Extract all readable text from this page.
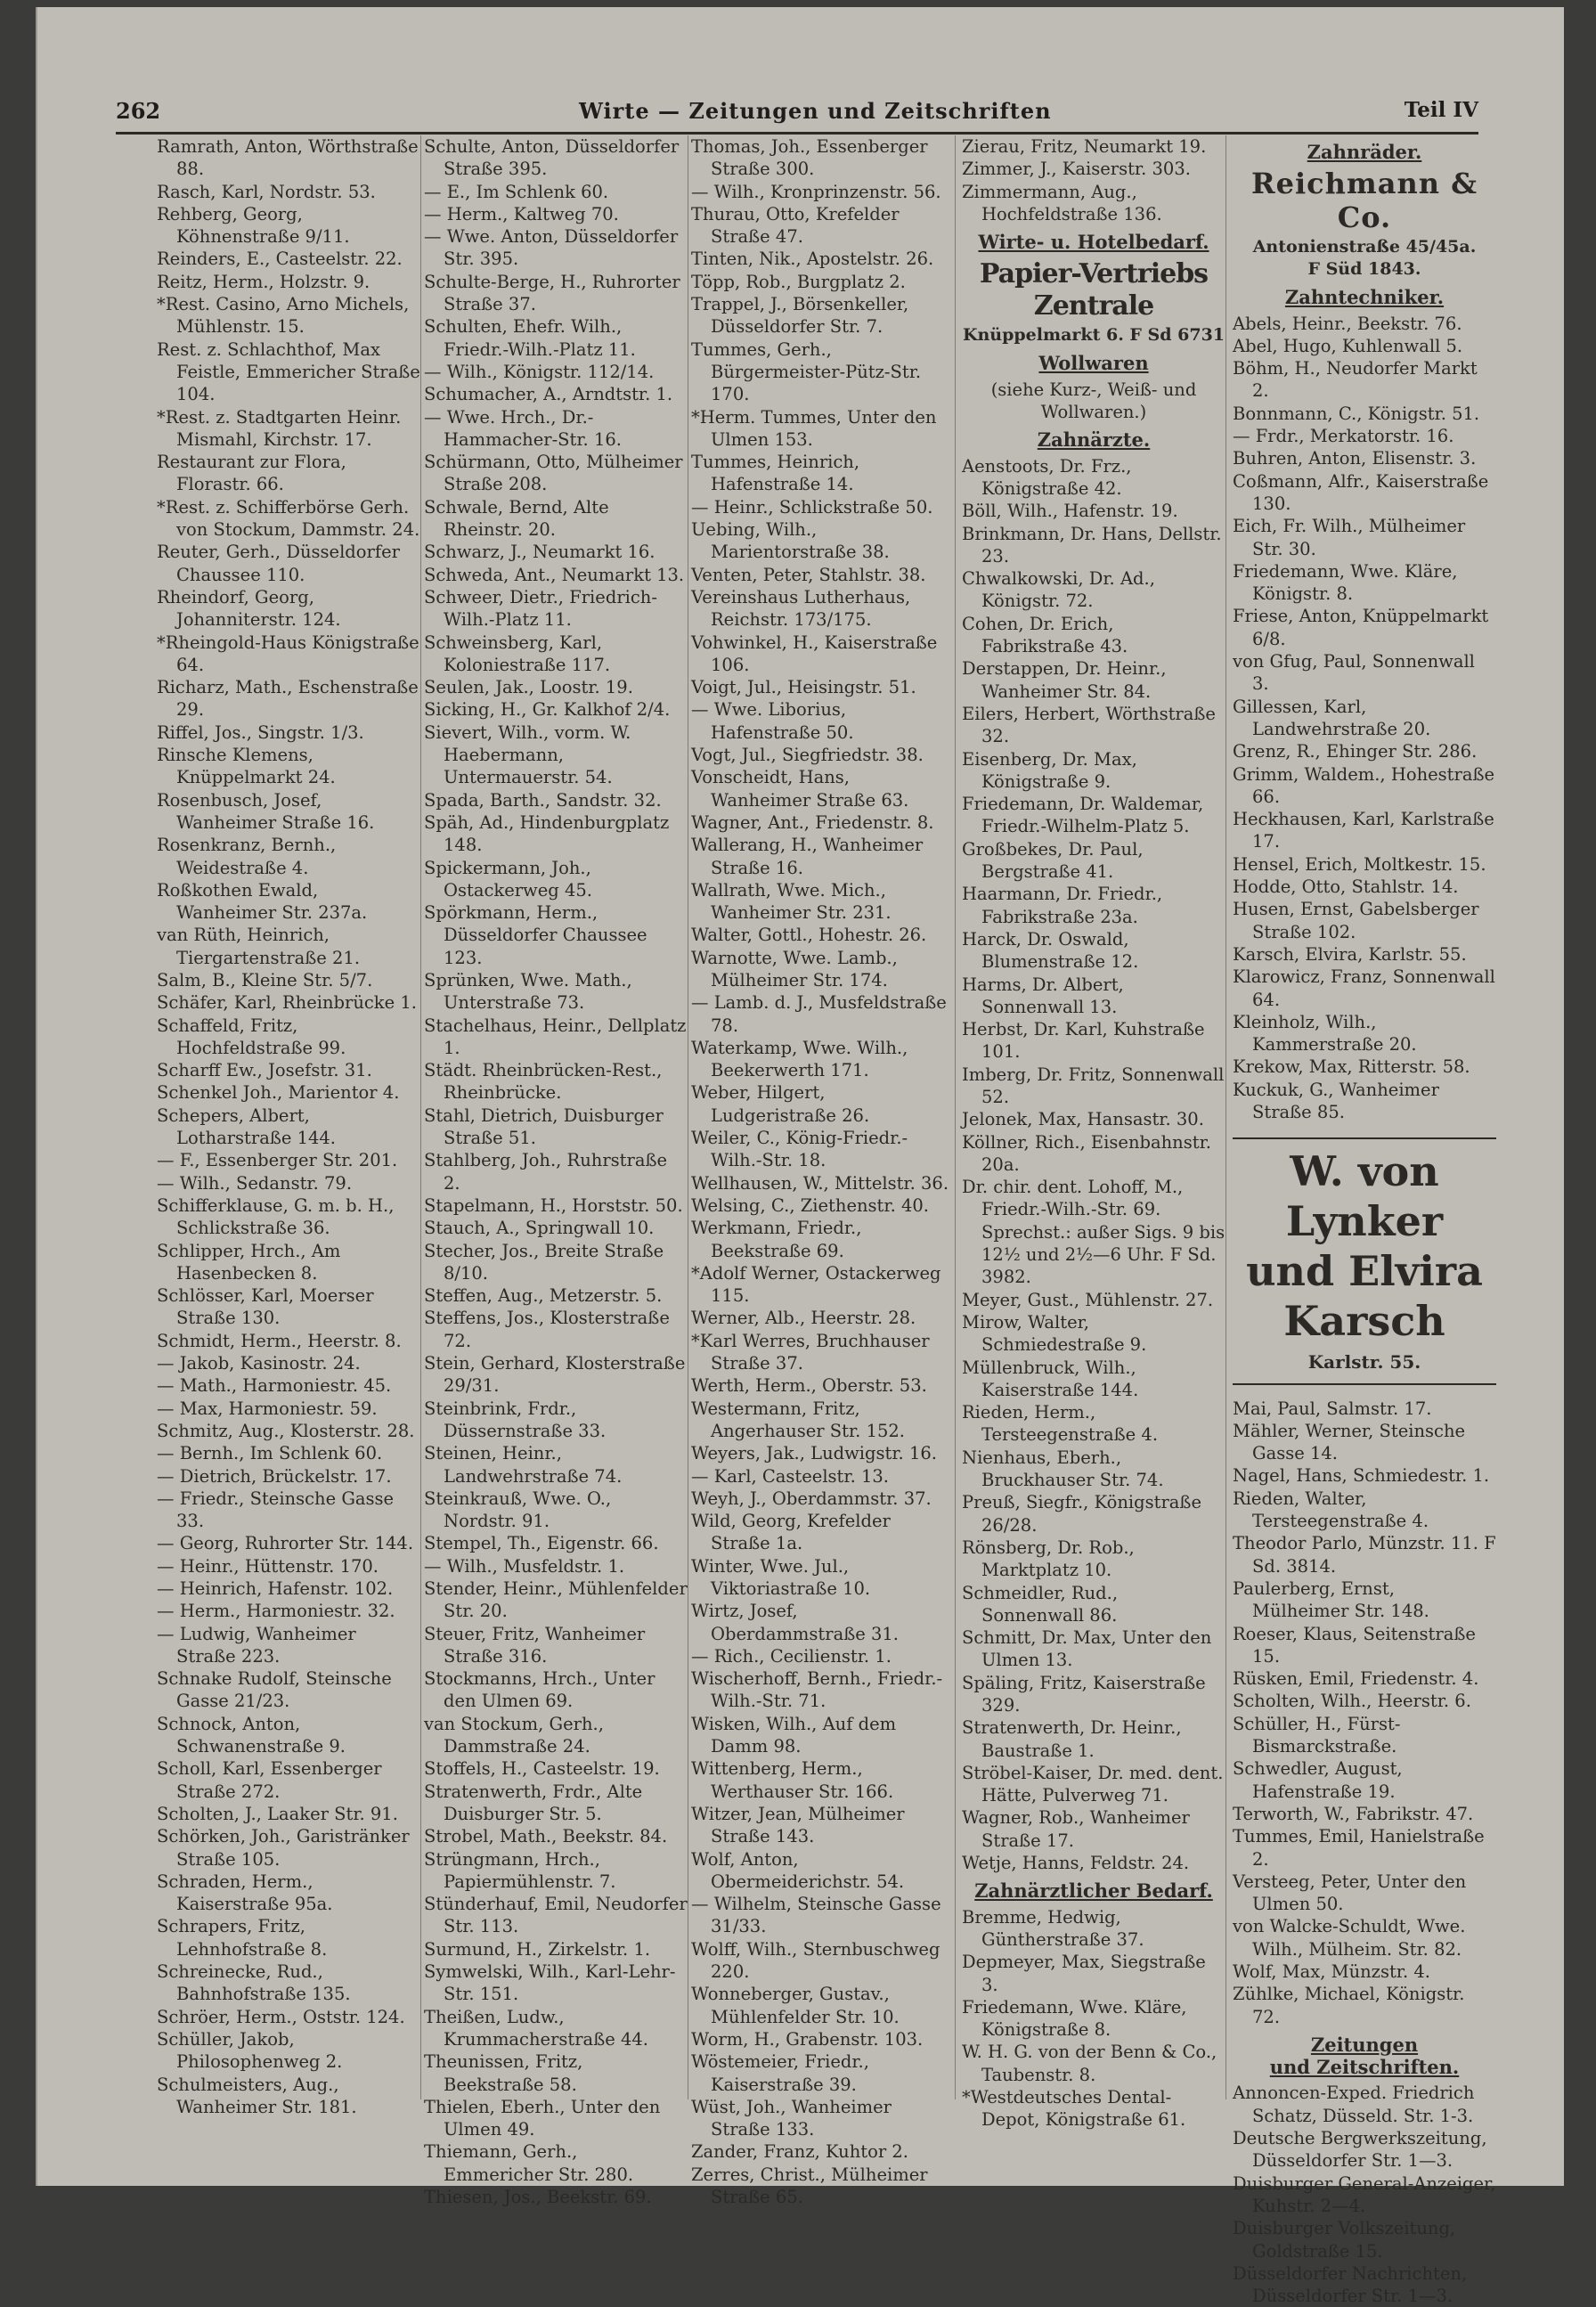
262	Wirte — Zeitungen und Zeitschriften	Teil IV
Ramrath, Anton, Wörthstraße 88.
Rasch, Karl, Nordstr. 53.
Rehberg, Georg, Köhnenstraße 9/11.
Reinders, E., Casteelstr. 22.
Reitz, Herm., Holzstr. 9.
*Rest. Casino, Arno Michels, Mühlenstr. 15.
Rest. z. Schlachthof, Max Feistle, Emmericher Straße 104.
*Rest. z. Stadtgarten Heinr. Mismahl, Kirchstr. 17.
Restaurant zur Flora, Florastr. 66.
*Rest. z. Schifferbörse Gerh. von Stockum, Dammstr. 24.
Reuter, Gerh., Düsseldorfer Chaussee 110.
Rheindorf, Georg, Johanniterstr. 124.
*Rheingold-Haus Königstraße 64.
Richarz, Math., Eschenstraße 29.
Riffel, Jos., Singstr. 1/3.
Rinsche Klemens, Knüppelmarkt 24.
Rosenbusch, Josef, Wanheimer Straße 16.
Rosenkranz, Bernh., Weidestraße 4.
Roßkothen Ewald, Wanheimer Str. 237a.
van Rüth, Heinrich, Tiergartenstraße 21.
Salm, B., Kleine Str. 5/7.
Schäfer, Karl, Rheinbrücke 1.
Schaffeld, Fritz, Hochfeldstraße 99.
Scharff Ew., Josefstr. 31.
Schenkel Joh., Marientor 4.
Schepers, Albert, Lotharstraße 144.
— F., Essenberger Str. 201.
— Wilh., Sedanstr. 79.
Schifferklause, G. m. b. H., Schlickstraße 36.
Schlipper, Hrch., Am Hasenbecken 8.
Schlösser, Karl, Moerser Straße 130.
Schmidt, Herm., Heerstr. 8.
— Jakob, Kasinostr. 24.
— Math., Harmoniestr. 45.
— Max, Harmoniestr. 59.
Schmitz, Aug., Klosterstr. 28.
— Bernh., Im Schlenk 60.
— Dietrich, Brückelstr. 17.
— Friedr., Steinsche Gasse 33.
— Georg, Ruhrorter Str. 144.
— Heinr., Hüttenstr. 170.
— Heinrich, Hafenstr. 102.
— Herm., Harmoniestr. 32.
— Ludwig, Wanheimer Straße 223.
Schnake Rudolf, Steinsche Gasse 21/23.
Schnock, Anton, Schwanenstraße 9.
Scholl, Karl, Essenberger Straße 272.
Scholten, J., Laaker Str. 91.
Schörken, Joh., Garistränker Straße 105.
Schraden, Herm., Kaiserstraße 95a.
Schrapers, Fritz, Lehnhofstraße 8.
Schreinecke, Rud., Bahnhofstraße 135.
Schröer, Herm., Oststr. 124.
Schüller, Jakob, Philosophenweg 2.
Schulmeisters, Aug., Wanheimer Str. 181.
Schulte, Anton, Düsseldorfer Straße 395.
— E., Im Schlenk 60.
— Herm., Kaltweg 70.
— Wwe. Anton, Düsseldorfer Str. 395.
Schulte-Berge, H., Ruhrorter Straße 37.
Schulten, Ehefr. Wilh., Friedr.-Wilh.-Platz 11.
— Wilh., Königstr. 112/14.
Schumacher, A., Arndtstr. 1.
— Wwe. Hrch., Dr.-Hammacher-Str. 16.
Schürmann, Otto, Mülheimer Straße 208.
Schwale, Bernd, Alte Rheinstr. 20.
Schwarz, J., Neumarkt 16.
Schweda, Ant., Neumarkt 13.
Schweer, Dietr., Friedrich-Wilh.-Platz 11.
Schweinsberg, Karl, Koloniestraße 117.
Seulen, Jak., Loostr. 19.
Sicking, H., Gr. Kalkhof 2/4.
Sievert, Wilh., vorm. W. Haebermann, Untermauerstr. 54.
Spada, Barth., Sandstr. 32.
Späh, Ad., Hindenburgplatz 148.
Spickermann, Joh., Ostackerweg 45.
Spörkmann, Herm., Düsseldorfer Chaussee 123.
Sprünken, Wwe. Math., Unterstraße 73.
Stachelhaus, Heinr., Dellplatz 1.
Städt. Rheinbrücken-Rest., Rheinbrücke.
Stahl, Dietrich, Duisburger Straße 51.
Stahlberg, Joh., Ruhrstraße 2.
Stapelmann, H., Horststr. 50.
Stauch, A., Springwall 10.
Stecher, Jos., Breite Straße 8/10.
Steffen, Aug., Metzerstr. 5.
Steffens, Jos., Klosterstraße 72.
Stein, Gerhard, Klosterstraße 29/31.
Steinbrink, Frdr., Düssernstraße 33.
Steinen, Heinr., Landwehrstraße 74.
Steinkrauß, Wwe. O., Nordstr. 91.
Stempel, Th., Eigenstr. 66.
— Wilh., Musfeldstr. 1.
Stender, Heinr., Mühlenfelder Str. 20.
Steuer, Fritz, Wanheimer Straße 316.
Stockmanns, Hrch., Unter den Ulmen 69.
van Stockum, Gerh., Dammstraße 24.
Stoffels, H., Casteelstr. 19.
Stratenwerth, Frdr., Alte Duisburger Str. 5.
Strobel, Math., Beekstr. 84.
Strüngmann, Hrch., Papiermühlenstr. 7.
Stünderhauf, Emil, Neudorfer Str. 113.
Surmund, H., Zirkelstr. 1.
Symwelski, Wilh., Karl-Lehr-Str. 151.
Theißen, Ludw., Krummacherstraße 44.
Theunissen, Fritz, Beekstraße 58.
Thielen, Eberh., Unter den Ulmen 49.
Thiemann, Gerh., Emmericher Str. 280.
Thiesen, Jos., Beekstr. 69.
Thomas, Joh., Essenberger Straße 300.
— Wilh., Kronprinzenstr. 56.
Thurau, Otto, Krefelder Straße 47.
Tinten, Nik., Apostelstr. 26.
Töpp, Rob., Burgplatz 2.
Trappel, J., Börsenkeller, Düsseldorfer Str. 7.
Tummes, Gerh., Bürgermeister-Pütz-Str. 170.
*Herm. Tummes, Unter den Ulmen 153.
Tummes, Heinrich, Hafenstraße 14.
— Heinr., Schlickstraße 50.
Uebing, Wilh., Marientorstraße 38.
Venten, Peter, Stahlstr. 38.
Vereinshaus Lutherhaus, Reichstr. 173/175.
Vohwinkel, H., Kaiserstraße 106.
Voigt, Jul., Heisingstr. 51.
— Wwe. Liborius, Hafenstraße 50.
Vogt, Jul., Siegfriedstr. 38.
Vonscheidt, Hans, Wanheimer Straße 63.
Wagner, Ant., Friedenstr. 8.
Wallerang, H., Wanheimer Straße 16.
Wallrath, Wwe. Mich., Wanheimer Str. 231.
Walter, Gottl., Hohestr. 26.
Warnotte, Wwe. Lamb., Mülheimer Str. 174.
— Lamb. d. J., Musfeldstraße 78.
Waterkamp, Wwe. Wilh., Beekerwerth 171.
Weber, Hilgert, Ludgeristraße 26.
Weiler, C., König-Friedr.-Wilh.-Str. 18.
Wellhausen, W., Mittelstr. 36.
Welsing, C., Ziethenstr. 40.
Werkmann, Friedr., Beekstraße 69.
*Adolf Werner, Ostackerweg 115.
Werner, Alb., Heerstr. 28.
*Karl Werres, Bruchhauser Straße 37.
Werth, Herm., Oberstr. 53.
Westermann, Fritz, Angerhauser Str. 152.
Weyers, Jak., Ludwigstr. 16.
— Karl, Casteelstr. 13.
Weyh, J., Oberdammstr. 37.
Wild, Georg, Krefelder Straße 1a.
Winter, Wwe. Jul., Viktoriastraße 10.
Wirtz, Josef, Oberdammstraße 31.
— Rich., Cecilienstr. 1.
Wischerhoff, Bernh., Friedr.-Wilh.-Str. 71.
Wisken, Wilh., Auf dem Damm 98.
Wittenberg, Herm., Werthauser Str. 166.
Witzer, Jean, Mülheimer Straße 143.
Wolf, Anton, Obermeiderichstr. 54.
— Wilhelm, Steinsche Gasse 31/33.
Wolff, Wilh., Sternbuschweg 220.
Wonneberger, Gustav., Mühlenfelder Str. 10.
Worm, H., Grabenstr. 103.
Wöstemeier, Friedr., Kaiserstraße 39.
Wüst, Joh., Wanheimer Straße 133.
Zander, Franz, Kuhtor 2.
Zerres, Christ., Mülheimer Straße 65.
Zierau, Fritz, Neumarkt 19.
Zimmer, J., Kaiserstr. 303.
Zimmermann, Aug., Hochfeldstraße 136.
Wirte- u. Hotelbedarf.
Papier-Vertriebs Zentrale
Knüppelmarkt 6. F Sd 6731
Wollwaren
(siehe Kurz-, Weiß- und Wollwaren.)
Zahnärzte.
Aenstoots, Dr. Frz., Königstraße 42.
Böll, Wilh., Hafenstr. 19.
Brinkmann, Dr. Hans, Dellstr. 23.
Chwalkowski, Dr. Ad., Königstr. 72.
Cohen, Dr. Erich, Fabrikstraße 43.
Derstappen, Dr. Heinr., Wanheimer Str. 84.
Eilers, Herbert, Wörthstraße 32.
Eisenberg, Dr. Max, Königstraße 9.
Friedemann, Dr. Waldemar, Friedr.-Wilhelm-Platz 5.
Großbekes, Dr. Paul, Bergstraße 41.
Haarmann, Dr. Friedr., Fabrikstraße 23a.
Harck, Dr. Oswald, Blumenstraße 12.
Harms, Dr. Albert, Sonnenwall 13.
Herbst, Dr. Karl, Kuhstraße 101.
Imberg, Dr. Fritz, Sonnenwall 52.
Jelonek, Max, Hansastr. 30.
Köllner, Rich., Eisenbahnstr. 20a.
Dr. chir. dent. Lohoff, M., Friedr.-Wilh.-Str. 69. Sprechst.: außer Sigs. 9 bis 12½ und 2½—6 Uhr. F Sd. 3982.
Meyer, Gust., Mühlenstr. 27.
Mirow, Walter, Schmiedestraße 9.
Müllenbruck, Wilh., Kaiserstraße 144.
Rieden, Herm., Tersteegenstraße 4.
Nienhaus, Eberh., Bruckhauser Str. 74.
Preuß, Siegfr., Königstraße 26/28.
Rönsberg, Dr. Rob., Marktplatz 10.
Schmeidler, Rud., Sonnenwall 86.
Schmitt, Dr. Max, Unter den Ulmen 13.
Späling, Fritz, Kaiserstraße 329.
Stratenwerth, Dr. Heinr., Baustraße 1.
Ströbel-Kaiser, Dr. med. dent. Hätte, Pulverweg 71.
Wagner, Rob., Wanheimer Straße 17.
Wetje, Hanns, Feldstr. 24.
Zahnärztlicher Bedarf.
Bremme, Hedwig, Güntherstraße 37.
Depmeyer, Max, Siegstraße 3.
Friedemann, Wwe. Kläre, Königstraße 8.
W. H. G. von der Benn & Co., Taubenstr. 8.
*Westdeutsches Dental-Depot, Königstraße 61.
Zahnräder.
Reichmann & Co.
Antonienstraße 45/45a.
F Süd 1843.
Zahntechniker.
Abels, Heinr., Beekstr. 76.
Abel, Hugo, Kuhlenwall 5.
Böhm, H., Neudorfer Markt 2.
Bonnmann, C., Königstr. 51.
— Frdr., Merkatorstr. 16.
Buhren, Anton, Elisenstr. 3.
Coßmann, Alfr., Kaiserstraße 130.
Eich, Fr. Wilh., Mülheimer Str. 30.
Friedemann, Wwe. Kläre, Königstr. 8.
Friese, Anton, Knüppelmarkt 6/8.
von Gfug, Paul, Sonnenwall 3.
Gillessen, Karl, Landwehrstraße 20.
Grenz, R., Ehinger Str. 286.
Grimm, Waldem., Hohestraße 66.
Heckhausen, Karl, Karlstraße 17.
Hensel, Erich, Moltkestr. 15.
Hodde, Otto, Stahlstr. 14.
Husen, Ernst, Gabelsberger Straße 102.
Karsch, Elvira, Karlstr. 55.
Klarowicz, Franz, Sonnenwall 64.
Kleinholz, Wilh., Kammerstraße 20.
Krekow, Max, Ritterstr. 58.
Kuckuk, G., Wanheimer Straße 85.
W. von Lynker
und Elvira Karsch
Karlstr. 55.
Mai, Paul, Salmstr. 17.
Mähler, Werner, Steinsche Gasse 14.
Nagel, Hans, Schmiedestr. 1.
Rieden, Walter, Tersteegenstraße 4.
Theodor Parlo, Münzstr. 11. F Sd. 3814.
Paulerberg, Ernst, Mülheimer Str. 148.
Roeser, Klaus, Seitenstraße 15.
Rüsken, Emil, Friedenstr. 4.
Scholten, Wilh., Heerstr. 6.
Schüller, H., Fürst-Bismarckstraße.
Schwedler, August, Hafenstraße 19.
Terworth, W., Fabrikstr. 47.
Tummes, Emil, Hanielstraße 2.
Versteeg, Peter, Unter den Ulmen 50.
von Walcke-Schuldt, Wwe. Wilh., Mülheim. Str. 82.
Wolf, Max, Münzstr. 4.
Zühlke, Michael, Königstr. 72.
Zeitungen
und Zeitschriften.
Annoncen-Exped. Friedrich Schatz, Düsseld. Str. 1-3.
Deutsche Bergwerkszeitung, Düsseldorfer Str. 1—3.
Duisburger General-Anzeiger, Kuhstr. 2—4.
Duisburger Volkszeitung, Goldstraße 15.
Düsseldorfer Nachrichten, Düsseldorfer Str. 1—3.
